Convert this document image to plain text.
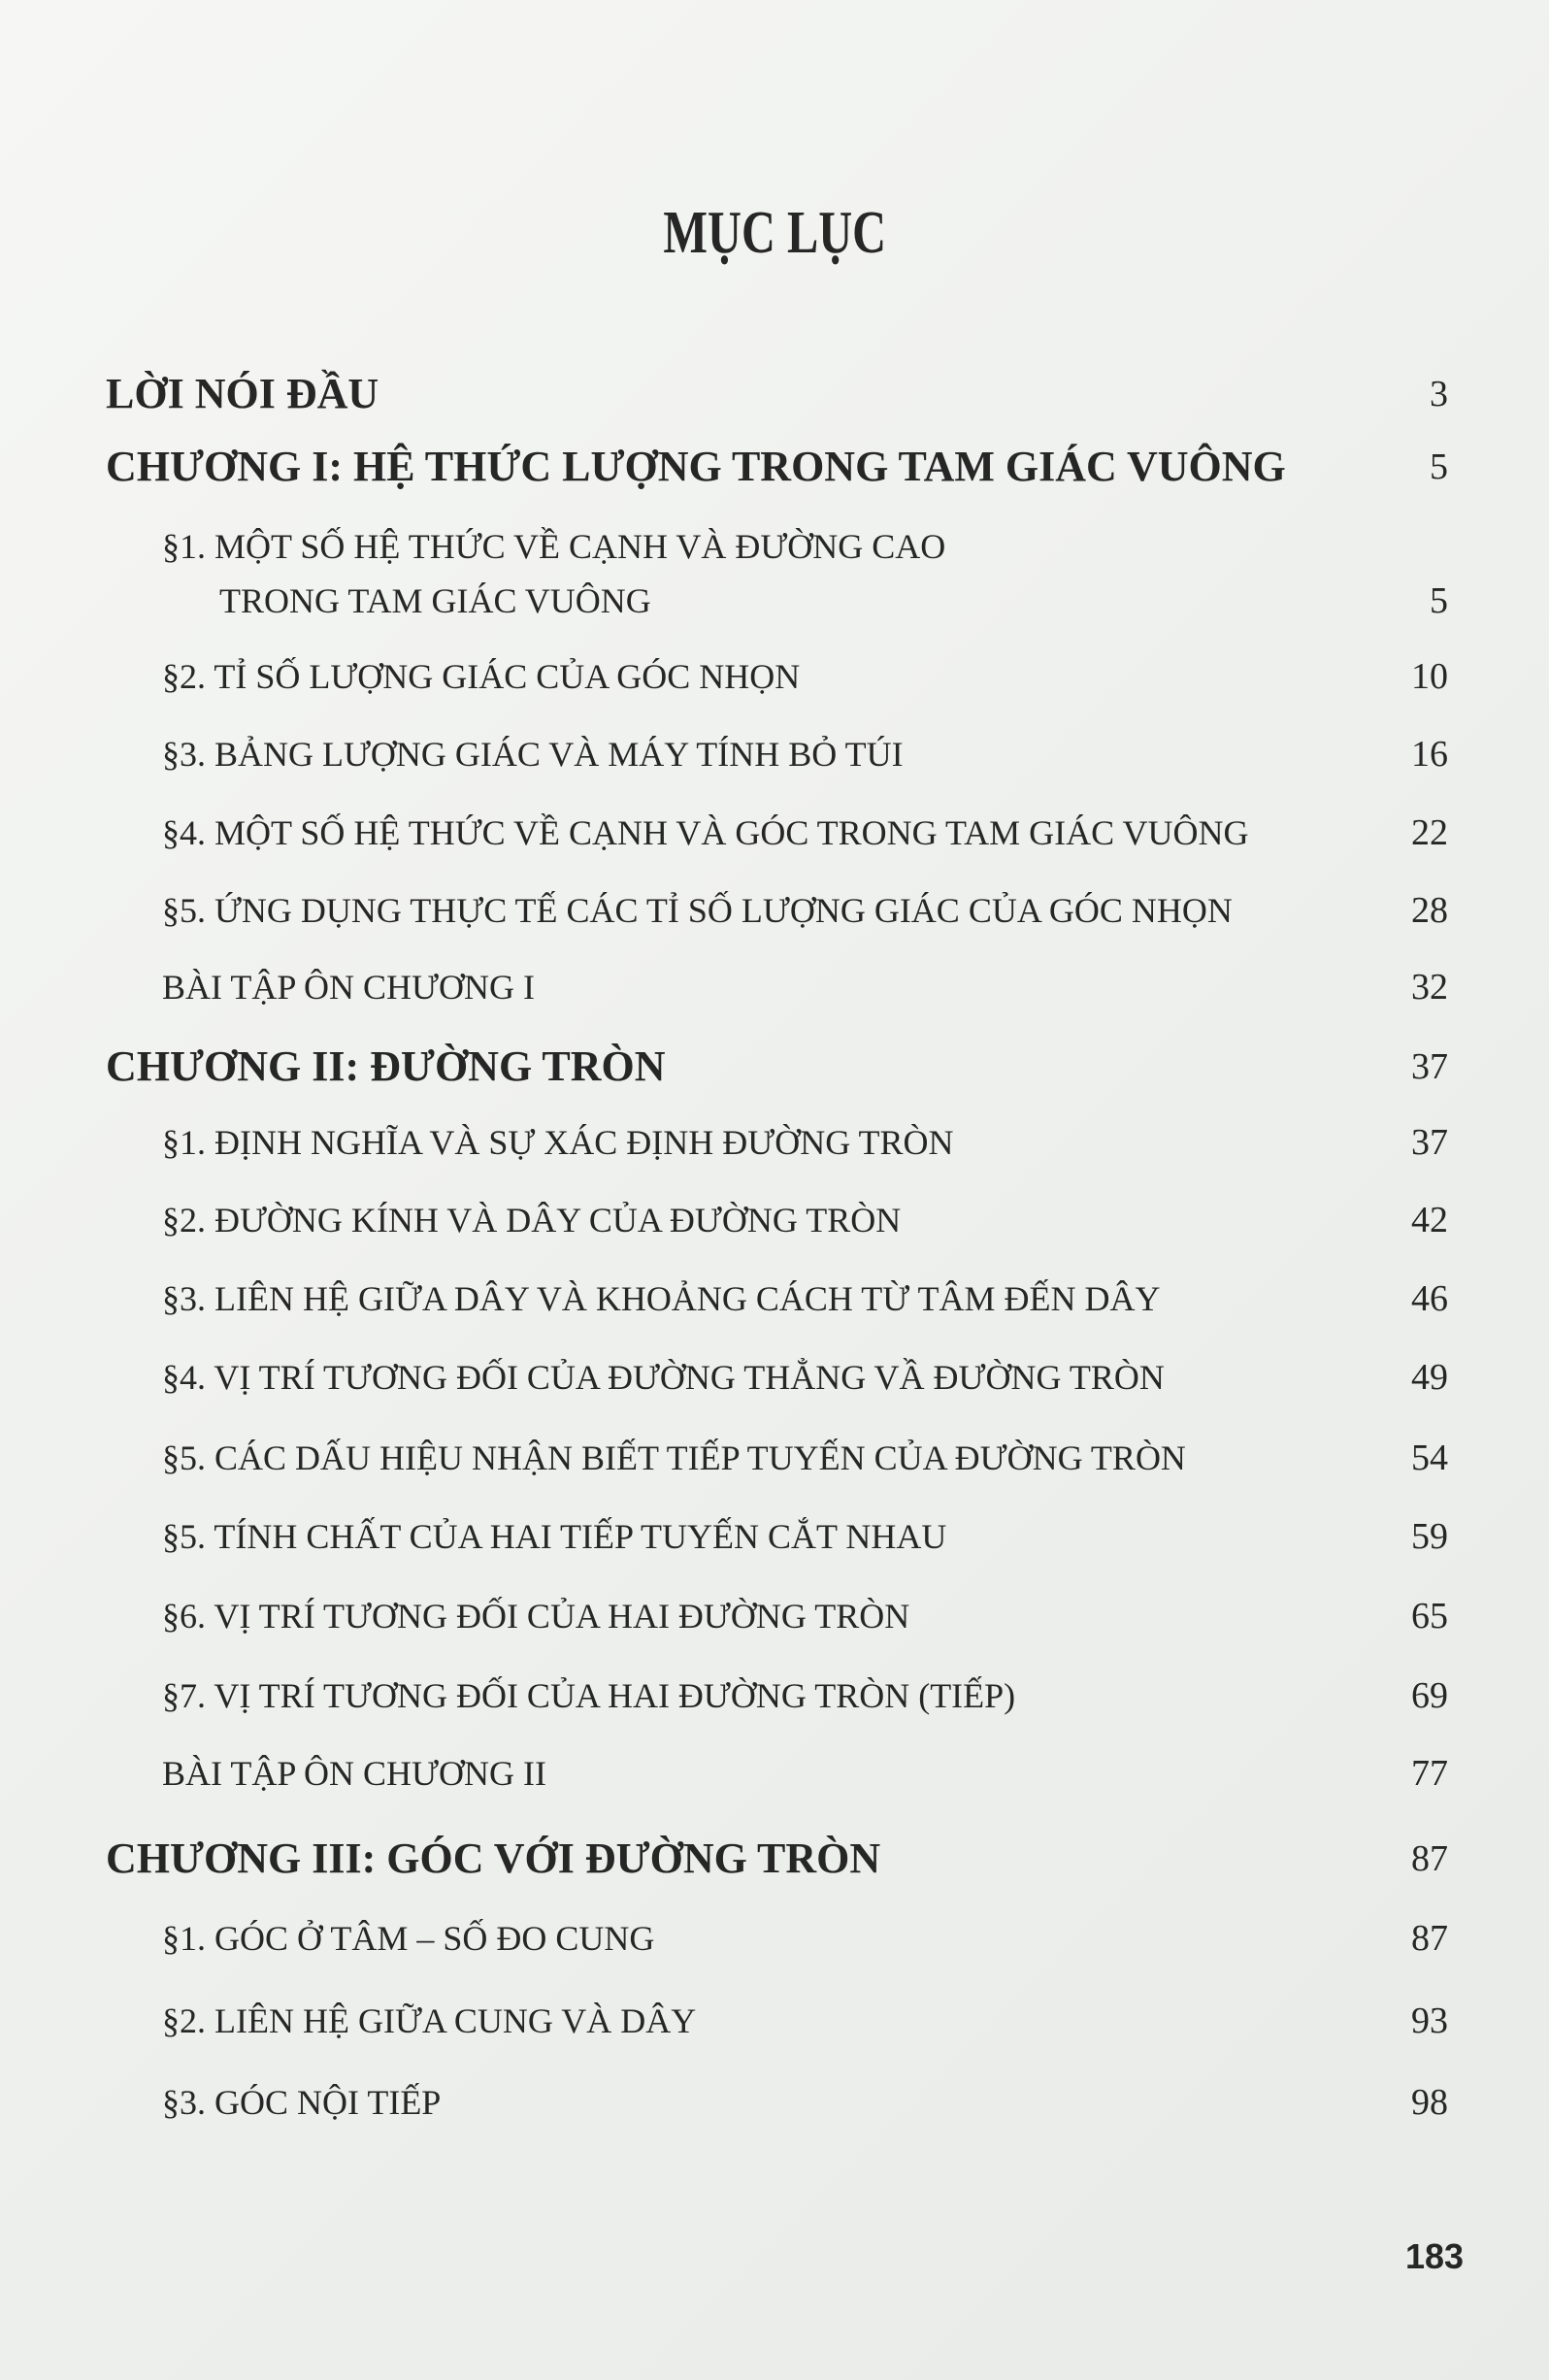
MỤC LỤC
LỜI NÓI ĐẦU	3
CHƯƠNG I: HỆ THỨC LƯỢNG TRONG TAM GIÁC VUÔNG	5
§1. MỘT SỐ HỆ THỨC VỀ CẠNH VÀ ĐƯỜNG CAO
TRONG TAM GIÁC VUÔNG	5
§2. TỈ SỐ LƯỢNG GIÁC CỦA GÓC NHỌN	10
§3. BẢNG LƯỢNG GIÁC VÀ MÁY TÍNH BỎ TÚI	16
§4. MỘT SỐ HỆ THỨC VỀ CẠNH VÀ GÓC TRONG TAM GIÁC VUÔNG	22
§5. ỨNG DỤNG THỰC TẾ CÁC TỈ SỐ LƯỢNG GIÁC CỦA GÓC NHỌN	28
BÀI TẬP ÔN CHƯƠNG I	32
CHƯƠNG II: ĐƯỜNG TRÒN	37
§1. ĐỊNH NGHĨA VÀ SỰ XÁC ĐỊNH ĐƯỜNG TRÒN	37
§2. ĐƯỜNG KÍNH VÀ DÂY CỦA ĐƯỜNG TRÒN	42
§3. LIÊN HỆ GIỮA DÂY VÀ KHOẢNG CÁCH TỪ TÂM ĐẾN DÂY	46
§4. VỊ TRÍ TƯƠNG ĐỐI CỦA ĐƯỜNG THẲNG VẦ ĐƯỜNG TRÒN	49
§5. CÁC DẤU HIỆU NHẬN BIẾT TIẾP TUYẾN CỦA ĐƯỜNG TRÒN	54
§5. TÍNH CHẤT CỦA HAI TIẾP TUYẾN CẮT NHAU	59
§6. VỊ TRÍ TƯƠNG ĐỐI CỦA HAI ĐƯỜNG TRÒN	65
§7. VỊ TRÍ TƯƠNG ĐỐI CỦA HAI ĐƯỜNG TRÒN (TIẾP)	69
BÀI TẬP ÔN CHƯƠNG II	77
CHƯƠNG III: GÓC VỚI ĐƯỜNG TRÒN	87
§1. GÓC Ở TÂM – SỐ ĐO CUNG	87
§2. LIÊN HỆ GIỮA CUNG VÀ DÂY	93
§3. GÓC NỘI TIẾP	98
183
